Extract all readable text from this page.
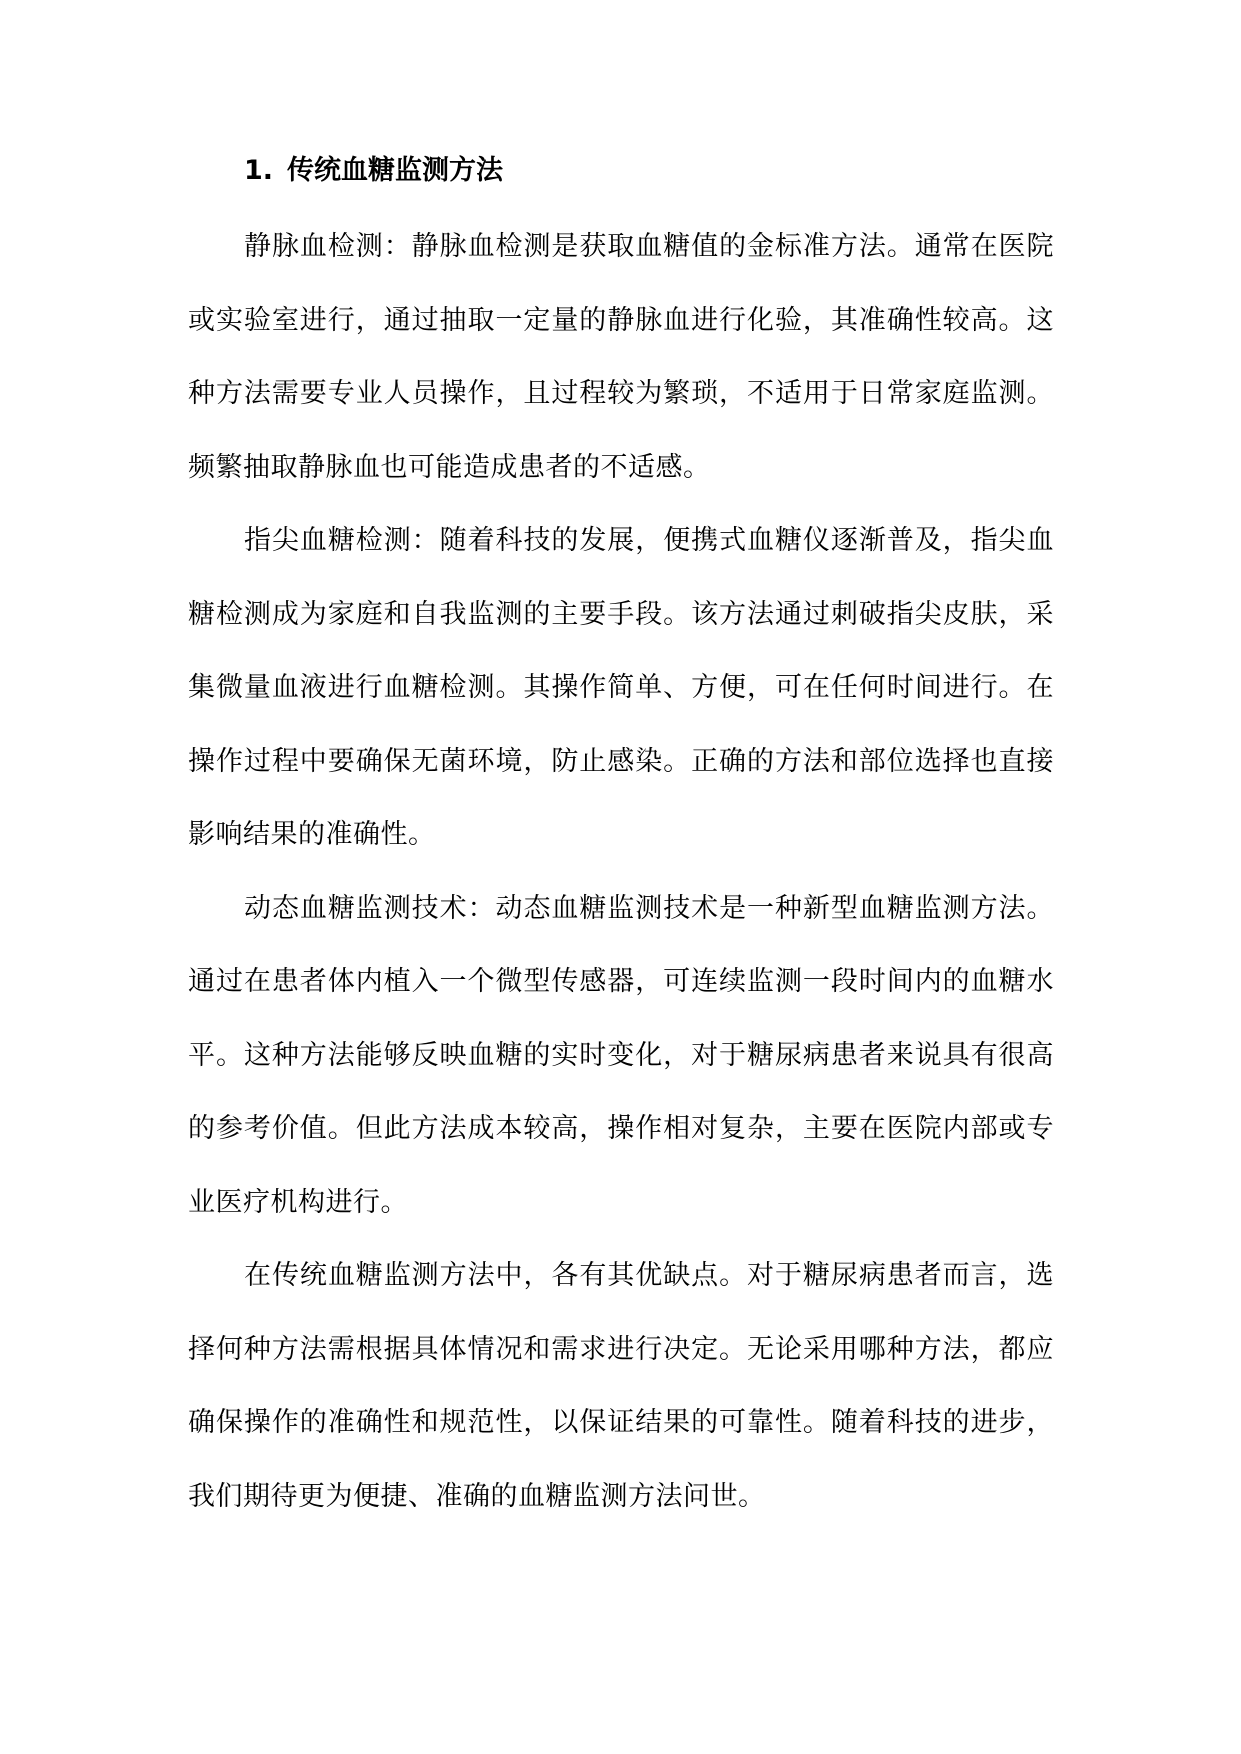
1. 传统血糖监测方法

静脉血检测：静脉血检测是获取血糖值的金标准方法。通常在医院或实验室进行，通过抽取一定量的静脉血进行化验，其准确性较高。这种方法需要专业人员操作，且过程较为繁琐，不适用于日常家庭监测。频繁抽取静脉血也可能造成患者的不适感。

指尖血糖检测：随着科技的发展，便携式血糖仪逐渐普及，指尖血糖检测成为家庭和自我监测的主要手段。该方法通过刺破指尖皮肤，采集微量血液进行血糖检测。其操作简单、方便，可在任何时间进行。在操作过程中要确保无菌环境，防止感染。正确的方法和部位选择也直接影响结果的准确性。

动态血糖监测技术：动态血糖监测技术是一种新型血糖监测方法。通过在患者体内植入一个微型传感器，可连续监测一段时间内的血糖水平。这种方法能够反映血糖的实时变化，对于糖尿病患者来说具有很高的参考价值。但此方法成本较高，操作相对复杂，主要在医院内部或专业医疗机构进行。

在传统血糖监测方法中，各有其优缺点。对于糖尿病患者而言，选择何种方法需根据具体情况和需求进行决定。无论采用哪种方法，都应确保操作的准确性和规范性，以保证结果的可靠性。随着科技的进步，我们期待更为便捷、准确的血糖监测方法问世。
